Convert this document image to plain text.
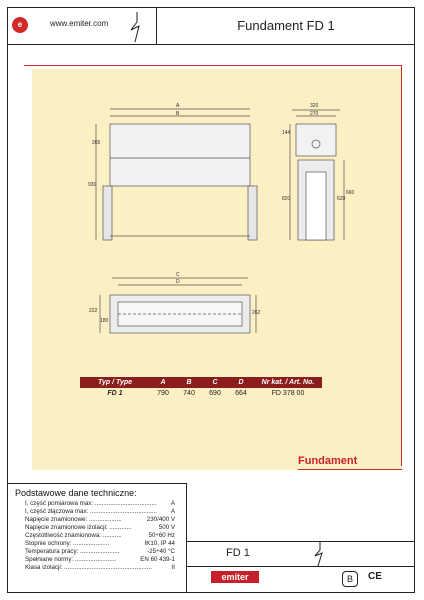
e	www.emiter.com	Fundament FD 1
Fundament
A
B
265
930
320
270
144
820	620
660
C
D
222
180
262
Typ / Type	A	B	C	D	Nr kat. / Art. No.
FD 1	790	740	690	664	FD 378 00
Podstawowe dane techniczne:
I, część pomiarowa max: ....................................	A
I, część złączowa max: .......................................	A
Napięcie znamionowe: ...................	230/400 V
Napięcie znamionowe izolacji: .............	500 V
Częstotliwość znamionowa: ...........	50÷60 Hz
Stopnie ochrony: .....................	IK10, IP 44
Temperatura pracy: .......................	-25÷40 °C
Spełniane normy: ........................	EN 60 439-1
Klasa izolacji: ...................................................	II
FD 1
emiter	B	CE
